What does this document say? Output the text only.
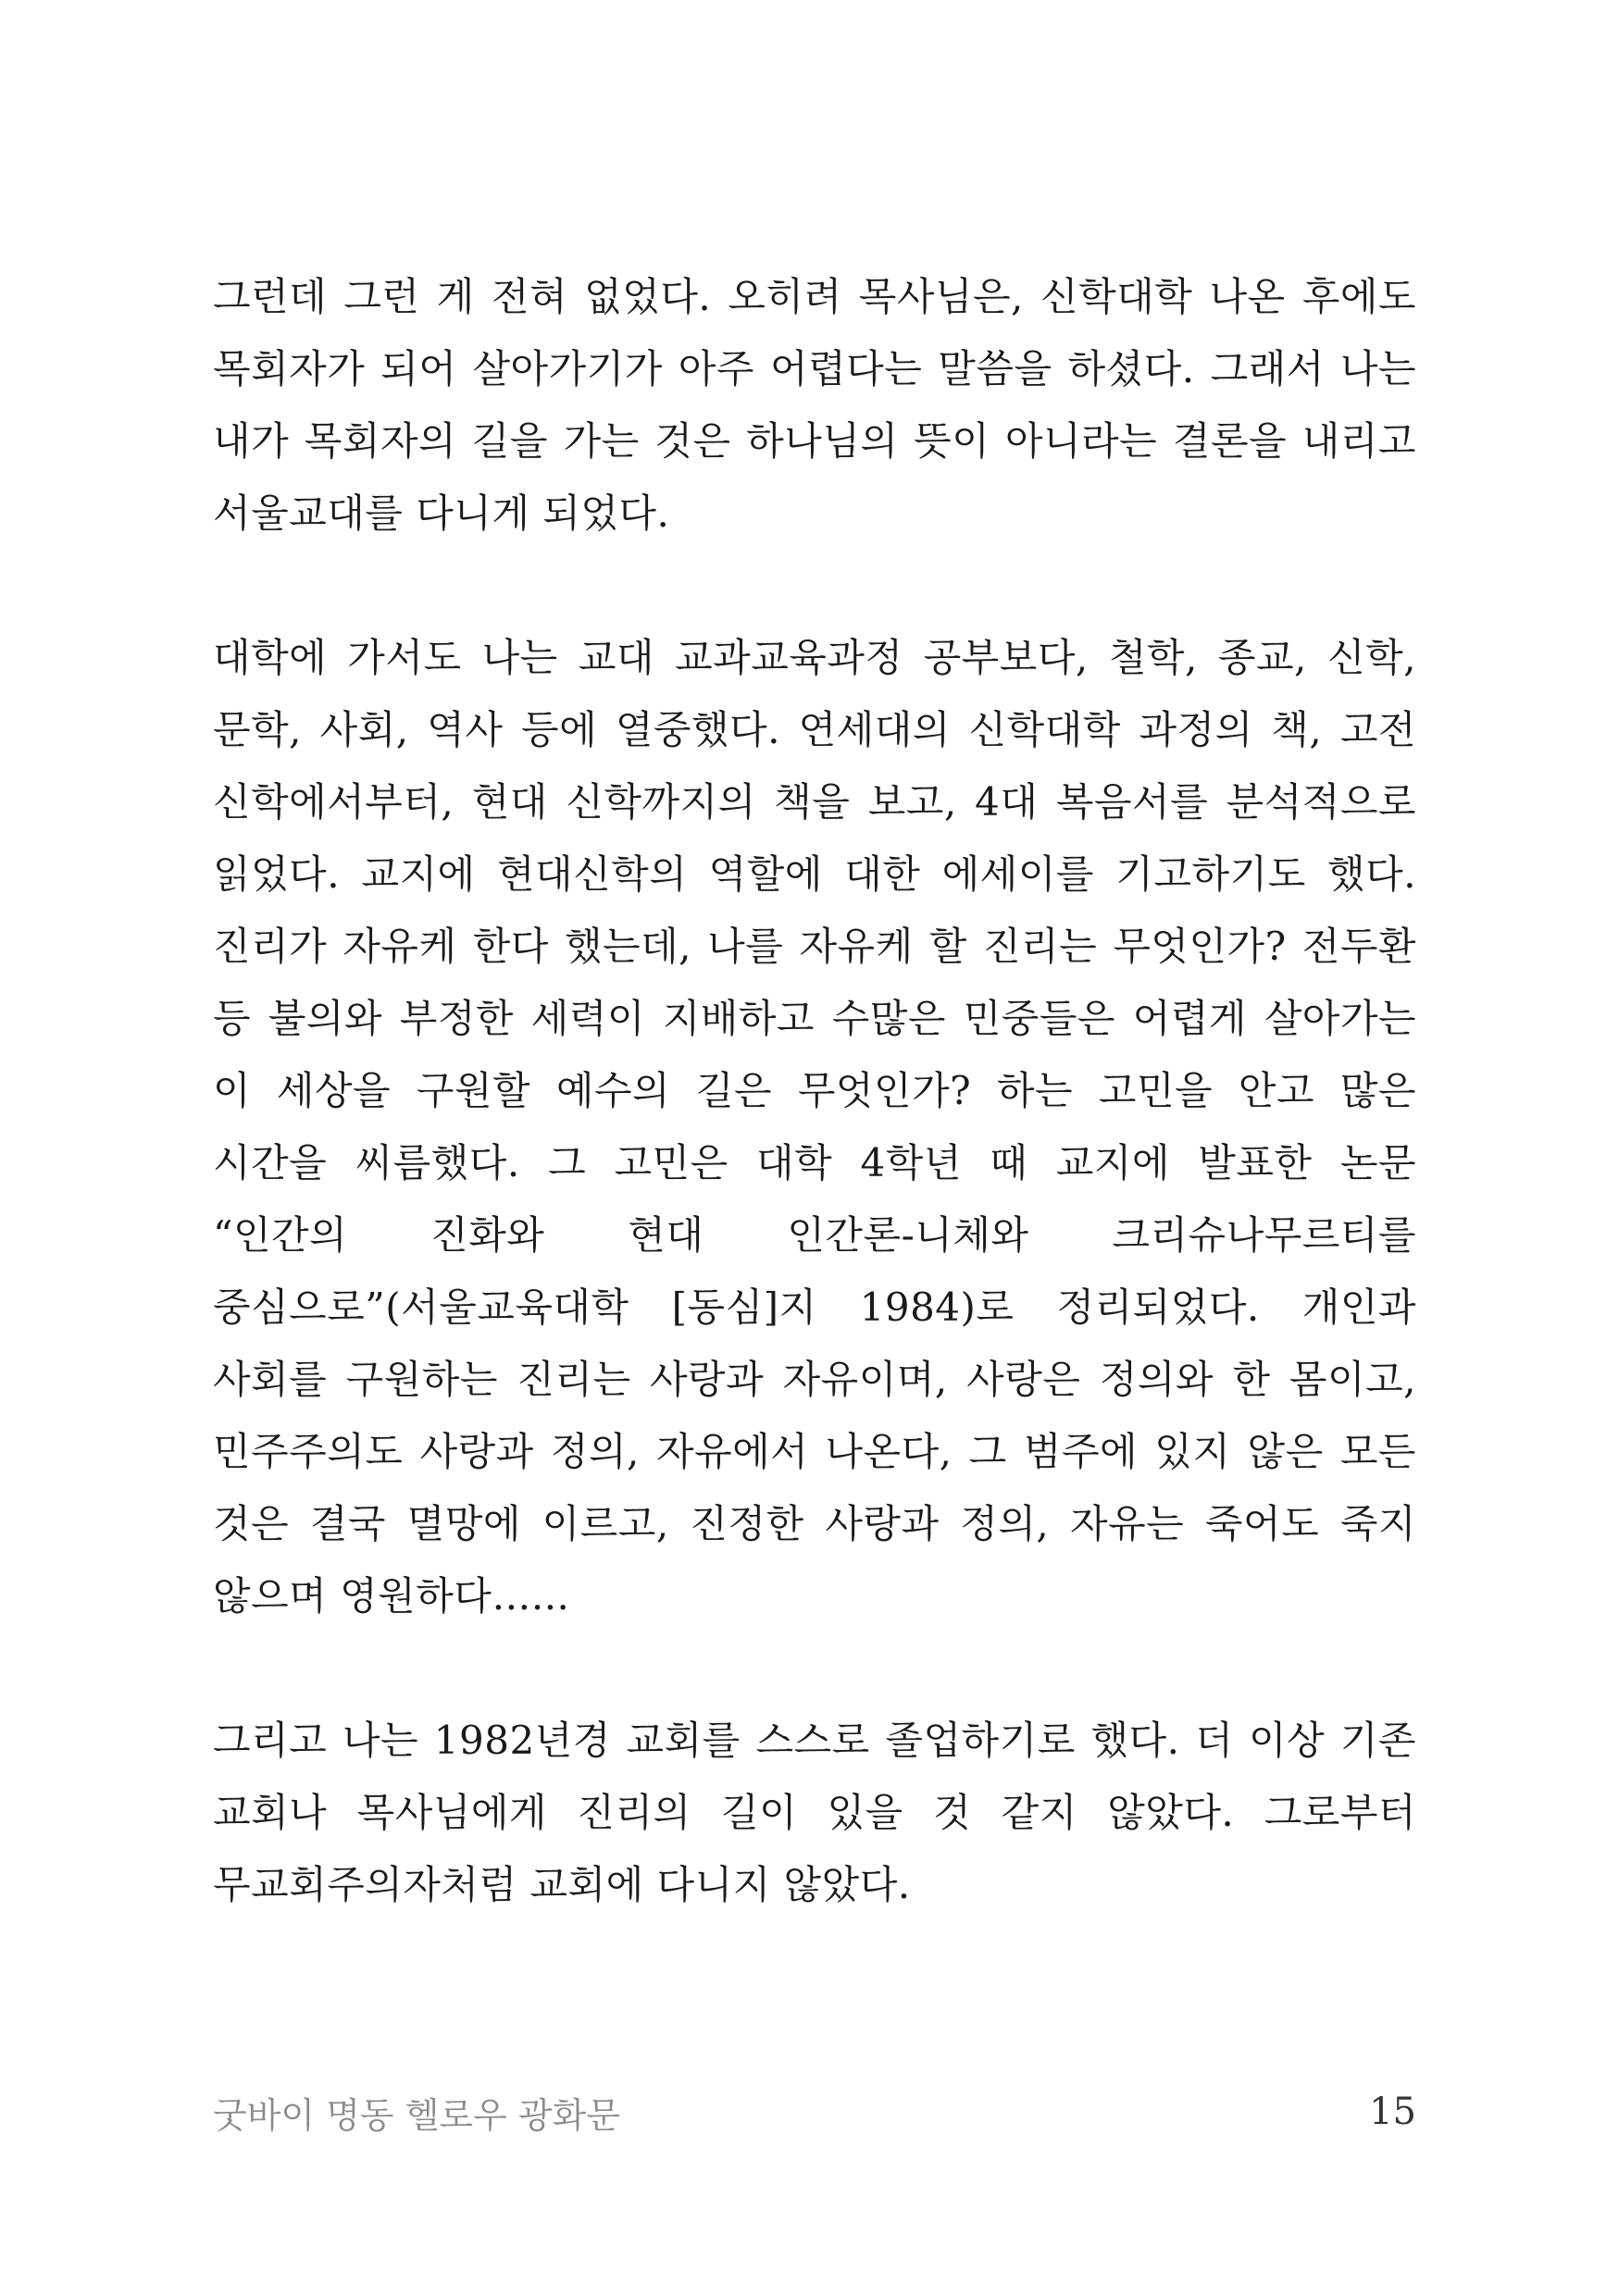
그런데 그런 게 전혀 없었다. 오히려 목사님은, 신학대학 나온 후에도 목회자가 되어 살아가기가 아주 어렵다는 말씀을 하셨다. 그래서 나는 내가 목회자의 길을 가는 것은 하나님의 뜻이 아니라는 결론을 내리고 서울교대를 다니게 되었다.

대학에 가서도 나는 교대 교과교육과정 공부보다, 철학, 종교, 신학, 문학, 사회, 역사 등에 열중했다. 연세대의 신학대학 과정의 책, 고전 신학에서부터, 현대 신학까지의 책을 보고, 4대 복음서를 분석적으로 읽었다. 교지에 현대신학의 역할에 대한 에세이를 기고하기도 했다. 진리가 자유케 한다 했는데, 나를 자유케 할 진리는 무엇인가? 전두환 등 불의와 부정한 세력이 지배하고 수많은 민중들은 어렵게 살아가는 이 세상을 구원할 예수의 길은 무엇인가? 하는 고민을 안고 많은 시간을 씨름했다. 그 고민은 대학 4학년 때 교지에 발표한 논문 “인간의 진화와 현대 인간론-니체와 크리슈나무르티를 중심으로”(서울교육대학 [동심]지 1984)로 정리되었다. 개인과 사회를 구원하는 진리는 사랑과 자유이며, 사랑은 정의와 한 몸이고, 민주주의도 사랑과 정의, 자유에서 나온다, 그 범주에 있지 않은 모든 것은 결국 멸망에 이르고, 진정한 사랑과 정의, 자유는 죽어도 죽지 않으며 영원하다…...

그리고 나는 1982년경 교회를 스스로 졸업하기로 했다. 더 이상 기존 교회나 목사님에게 진리의 길이 있을 것 같지 않았다. 그로부터 무교회주의자처럼 교회에 다니지 않았다.

굿바이 명동 헬로우 광화문	15
